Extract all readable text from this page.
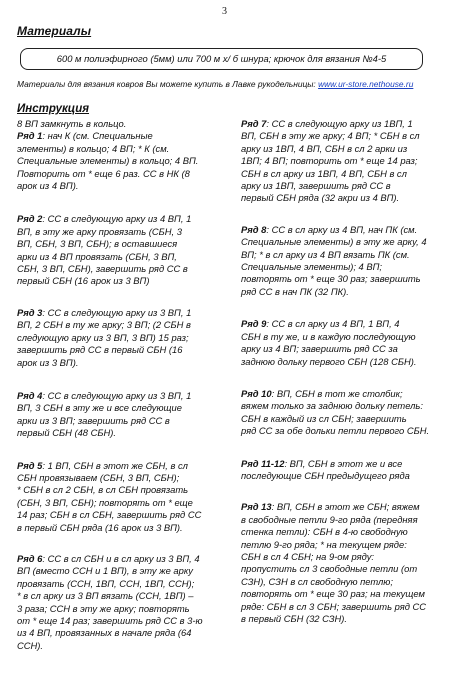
3
Материалы
600 м полиэфирного (5мм) или 700 м х/ б шнура; крючок для вязания №4-5
Материалы для вязания ковров Вы можете купить в Лавке рукодельницы: www.ur-store.nethouse.ru
Инструкция
8 ВП замкнуть в кольцо.
Ряд 1: нач К (см. Специальные
элементы) в кольцо; 4 ВП; * К (см.
Специальные элементы) в кольцо; 4 ВП.
Повторить от * еще 6 раз. СС в НК (8
арок из 4 ВП).
Ряд 2: СС в следующую арку из 4 ВП, 1
ВП, в эту же арку провязать (СБН, 3
ВП, СБН, 3 ВП, СБН); в оставшиеся
арки из 4 ВП провязать (СБН, 3 ВП,
СБН, 3 ВП, СБН), завершить ряд СС в
первый СБН (16 арок из 3 ВП)
Ряд 3: СС в следующую арку из 3 ВП, 1
ВП, 2 СБН в ту же арку; 3 ВП; (2 СБН в
следующую арку из 3 ВП, 3 ВП) 15 раз;
завершить ряд СС в первый СБН (16
арок из 3 ВП).
Ряд 4: СС в следующую арку из 3 ВП, 1
ВП, 3 СБН в эту же и все следующие
арки из 3 ВП; завершить ряд СС в
первый СБН (48 СБН).
Ряд 5: 1 ВП, СБН в этот же СБН, в сл
СБН провязываем (СБН, 3 ВП, СБН);
* СБН в сл 2 СБН, в сл СБН провязать
(СБН, 3 ВП, СБН); повторять от * еще
14 раз; СБН в сл СБН, завершить ряд СС
в первый СБН ряда (16 арок из 3 ВП).
Ряд 6: СС в сл СБН и в сл арку из 3 ВП, 4
ВП (вместо ССН и 1 ВП), в эту же арку
провязать (ССН, 1ВП, ССН, 1ВП, ССН);
* в сл арку из 3 ВП вязать (ССН, 1ВП) –
3 раза; ССН в эту же арку; повторять
от * еще 14 раз; завершить ряд СС в 3-ю
из 4 ВП, провязанных в начале ряда (64
ССН).
Ряд 7: СС в следующую арку из 1ВП, 1
ВП, СБН в эту же арку; 4 ВП; * СБН в сл
арку из 1ВП, 4 ВП, СБН в сл 2 арки из
1ВП; 4 ВП; повторить от * еще 14 раз;
СБН в сл арку из 1ВП, 4 ВП, СБН в сл
арку из 1ВП, завершить ряд СС в
первый СБН ряда (32 акри из 4 ВП).
Ряд 8: СС в сл арку из 4 ВП, нач ПК (см.
Специальные элементы) в эту же арку, 4
ВП; * в сл арку из 4 ВП вязать ПК (см.
Специальные элементы); 4 ВП;
повторять от * еще 30 раз; завершить
ряд СС в нач ПК (32 ПК).
Ряд 9: СС в сл арку из 4 ВП, 1 ВП, 4
СБН в ту же, и в каждую последующую
арку из 4 ВП; завершить ряд СС за
заднюю дольку первого СБН (128 СБН).
Ряд 10: ВП, СБН в тот же столбик;
вяжем только за заднюю дольку петель:
СБН в каждый из сл СБН; завершить
ряд СС за обе дольки петли первого СБН.
Ряд 11-12: ВП, СБН в этот же и все
последующие СБН предыдущего ряда
Ряд 13: ВП, СБН в этот же СБН; вяжем
в свободные петли 9-го ряда (передняя
стенка петли): СБН в 4-ю свободную
петлю 9-го ряда; * на текущем ряде:
СБН в сл 4 СБН; на 9-ом ряду:
пропустить сл 3 свободные петли (от
СЗН), СЗН в сл свободную петлю;
повторять от * еще 30 раз; на текущем
ряде: СБН в сл 3 СБН; завершить ряд СС
в первый СБН (32 СЗН).
